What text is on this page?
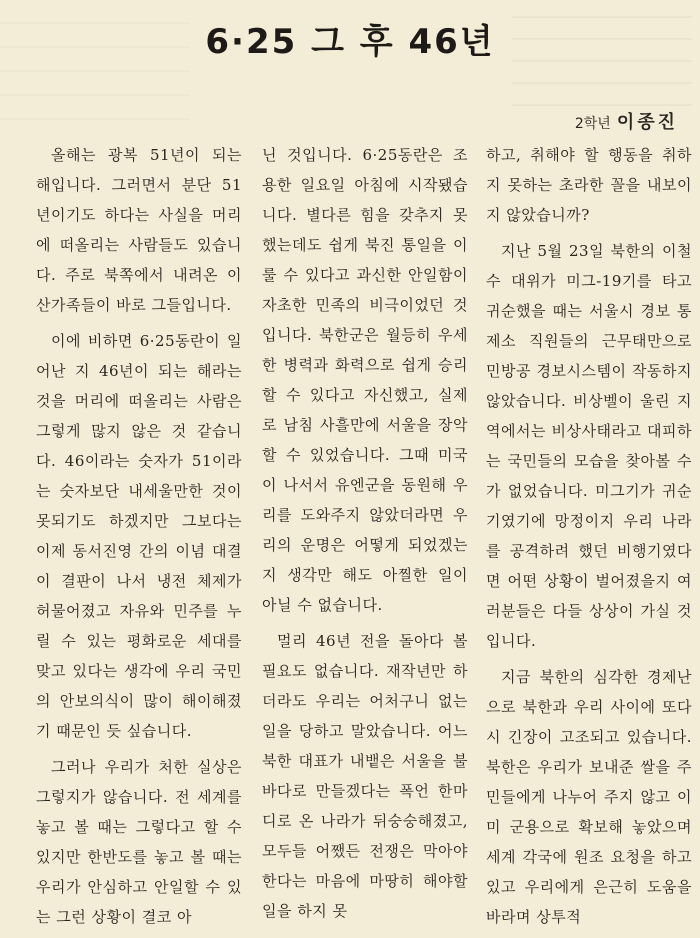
6·25 그 후 46년
2학년 이종진

올해는 광복 51년이 되는 해입니다. 그러면서 분단 51년이기도 하다는 사실을 머리에 떠올리는 사람들도 있습니다. 주로 북쪽에서 내려온 이산가족들이 바로 그들입니다.

이에 비하면 6·25동란이 일어난 지 46년이 되는 해라는 것을 머리에 떠올리는 사람은 그렇게 많지 않은 것 같습니다. 46이라는 숫자가 51이라는 숫자보단 내세울만한 것이 못되기도 하겠지만 그보다는 이제 동서진영 간의 이념 대결이 결판이 나서 냉전 체제가 허물어졌고 자유와 민주를 누릴 수 있는 평화로운 세대를 맞고 있다는 생각에 우리 국민의 안보의식이 많이 해이해졌기 때문인 듯 싶습니다.

그러나 우리가 처한 실상은 그렇지가 않습니다. 전 세계를 놓고 볼 때는 그렇다고 할 수 있지만 한반도를 놓고 볼 때는 우리가 안심하고 안일할 수 있는 그런 상황이 결코 아

닌 것입니다. 6·25동란은 조용한 일요일 아침에 시작됐습니다. 별다른 힘을 갖추지 못했는데도 쉽게 북진 통일을 이룰 수 있다고 과신한 안일함이 자초한 민족의 비극이었던 것입니다. 북한군은 월등히 우세한 병력과 화력으로 쉽게 승리할 수 있다고 자신했고, 실제로 남침 사흘만에 서울을 장악할 수 있었습니다. 그때 미국이 나서서 유엔군을 동원해 우리를 도와주지 않았더라면 우리의 운명은 어떻게 되었겠는지 생각만 해도 아찔한 일이 아닐 수 없습니다.

멀리 46년 전을 돌아다 볼 필요도 없습니다. 재작년만 하더라도 우리는 어처구니 없는 일을 당하고 말았습니다. 어느 북한 대표가 내뱉은 서울을 불바다로 만들겠다는 폭언 한마디로 온 나라가 뒤숭숭해졌고, 모두들 어쨌든 전쟁은 막아야 한다는 마음에 마땅히 해야할 일을 하지 못

하고, 취해야 할 행동을 취하지 못하는 초라한 꼴을 내보이지 않았습니까?

지난 5월 23일 북한의 이철수 대위가 미그-19기를 타고 귀순했을 때는 서울시 경보 통제소 직원들의 근무태만으로 민방공 경보시스템이 작동하지 않았습니다. 비상벨이 울린 지역에서는 비상사태라고 대피하는 국민들의 모습을 찾아볼 수가 없었습니다. 미그기가 귀순기였기에 망정이지 우리 나라를 공격하려 했던 비행기였다면 어떤 상황이 벌어졌을지 여러분들은 다들 상상이 가실 것입니다.

지금 북한의 심각한 경제난으로 북한과 우리 사이에 또다시 긴장이 고조되고 있습니다. 북한은 우리가 보내준 쌀을 주민들에게 나누어 주지 않고 이미 군용으로 확보해 놓았으며 세계 각국에 원조 요청을 하고 있고 우리에게 은근히 도움을 바라며 상투적
